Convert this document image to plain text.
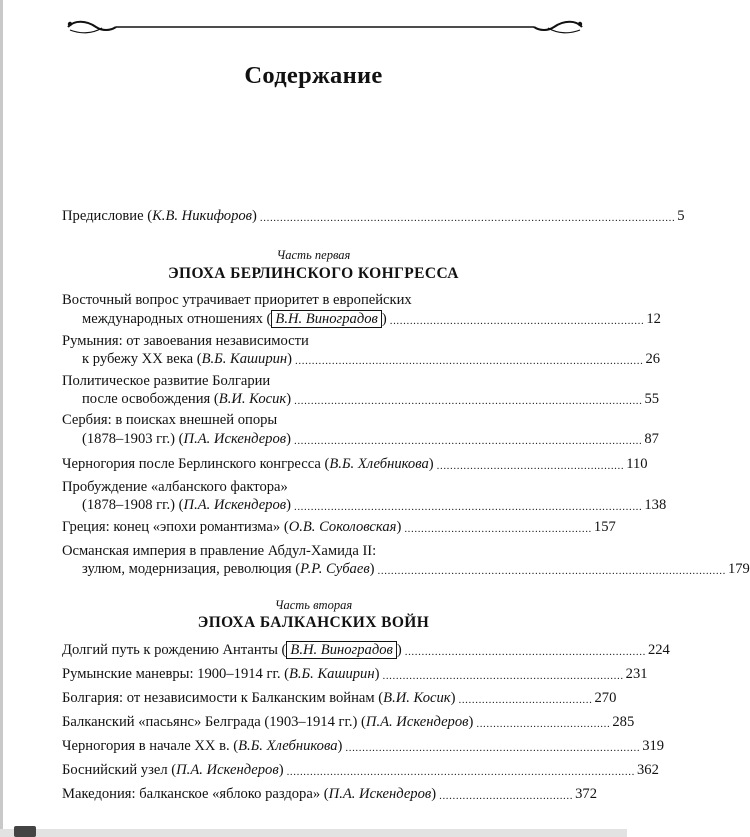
Содержание
Предисловие (К.В. Никифоров) ............................................................................................................................ 5
Часть первая
ЭПОХА БЕРЛИНСКОГО КОНГРЕССА
Восточный вопрос утрачивает приоритет в европейских
международных отношениях ( В.Н. Виноградов ) ............................................................................ 12
Румыния: от завоевания независимости
к рубежу XX века (В.Б. Каширин) ........................................................................................................ 26
Политическое развитие Болгарии
после освобождения (В.И. Косик) ........................................................................................................ 55
Сербия: в поисках внешней опоры
(1878–1903 гг.) (П.А. Искендеров) ........................................................................................................ 87
Черногория после Берлинского конгресса (В.Б. Хлебникова) ........................................................ 110
Пробуждение «албанского фактора»
(1878–1908 гг.) (П.А. Искендеров) ........................................................................................................ 138
Греция: конец «эпохи романтизма» (О.В. Соколовская) ........................................................ 157
Османская империя в правление Абдул-Хамида II:
зулюм, модернизация, революция (Р.Р. Субаев) ........................................................................................................ 179
Часть вторая
ЭПОХА БАЛКАНСКИХ ВОЙН
Долгий путь к рождению Антанты ( В.Н. Виноградов ) ........................................................................ 224
Румынские маневры: 1900–1914 гг. (В.Б. Каширин) ........................................................................ 231
Болгария: от независимости к Балканским войнам (В.И. Косик) ........................................ 270
Балканский «пасьянс» Белграда (1903–1914 гг.) (П.А. Искендеров) ........................................ 285
Черногория в начале XX в. (В.Б. Хлебникова) ........................................................................................ 319
Боснийский узел (П.А. Искендеров) ........................................................................................................ 362
Македония: балканское «яблоко раздора» (П.А. Искендеров) ........................................ 372
